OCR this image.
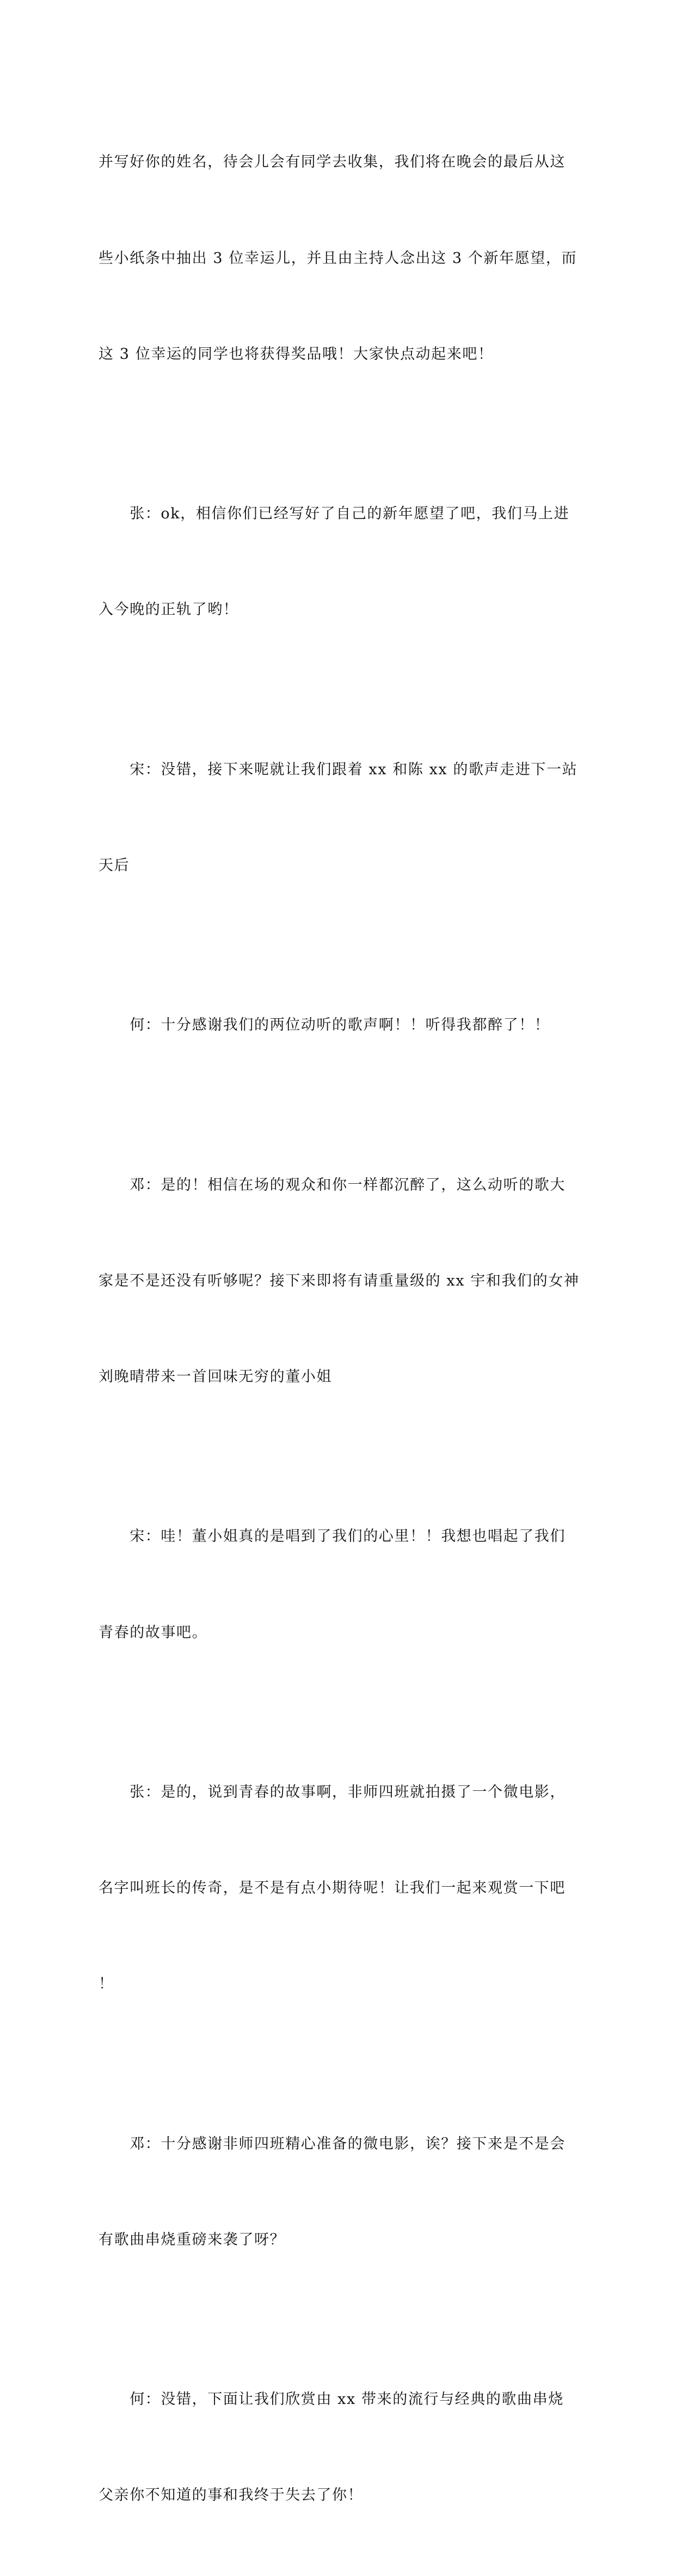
并写好你的姓名，待会儿会有同学去收集，我们将在晚会的最后从这

些小纸条中抽出 3 位幸运儿，并且由主持人念出这 3 个新年愿望，而

这 3 位幸运的同学也将获得奖品哦！大家快点动起来吧！

　　张：ok，相信你们已经写好了自己的新年愿望了吧，我们马上进

入今晚的正轨了哟！

　　宋：没错，接下来呢就让我们跟着 xx 和陈 xx 的歌声走进下一站

天后

　　何：十分感谢我们的两位动听的歌声啊！！听得我都醉了！！

　　邓：是的！相信在场的观众和你一样都沉醉了，这么动听的歌大

家是不是还没有听够呢？接下来即将有请重量级的 xx 宇和我们的女神

刘晚晴带来一首回味无穷的董小姐

　　宋：哇！董小姐真的是唱到了我们的心里！！我想也唱起了我们

青春的故事吧。

　　张：是的，说到青春的故事啊，非师四班就拍摄了一个微电影，

名字叫班长的传奇，是不是有点小期待呢！让我们一起来观赏一下吧

！

　　邓：十分感谢非师四班精心准备的微电影，诶？接下来是不是会

有歌曲串烧重磅来袭了呀？

　　何：没错，下面让我们欣赏由 xx 带来的流行与经典的歌曲串烧

父亲你不知道的事和我终于失去了你！
